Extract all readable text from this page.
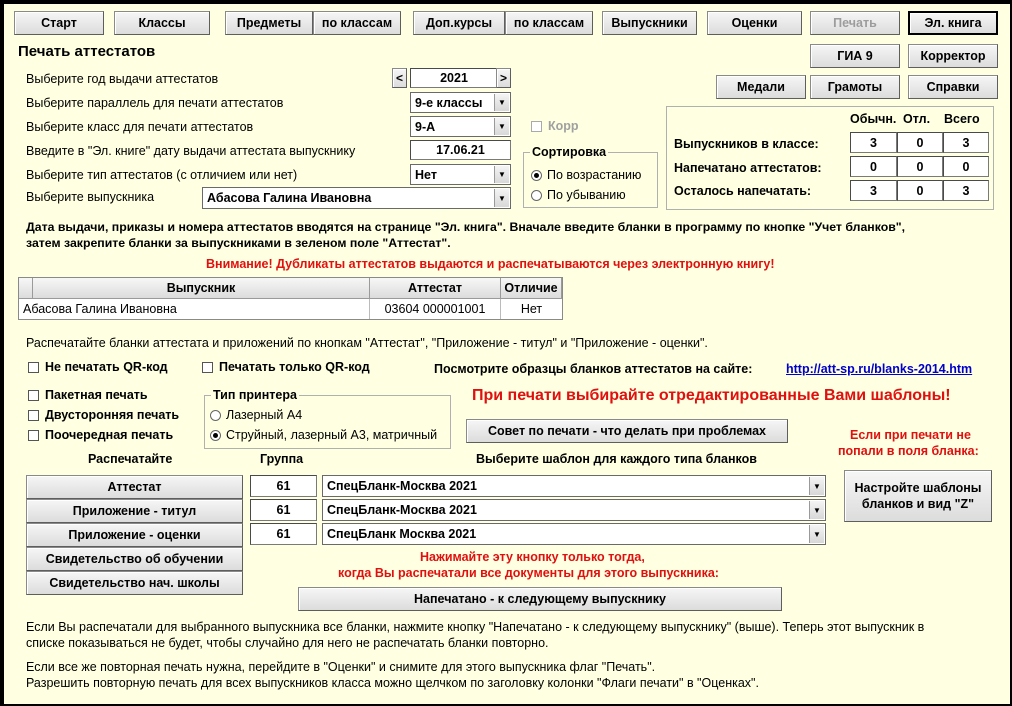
Старт	Классы	Предметы	по классам	Доп.курсы	по классам	Выпускники	Оценки	Печать	Эл. книга
Печать аттестатов	ГИА 9	Корректор
Медали	Грамоты	Справки
Выберите год выдачи аттестатов	<	2021	>
Выберите параллель для печати аттестатов	9-е классы	▼
Выберите класс для печати аттестатов	9-А	▼	Корр
Введите в "Эл. книге" дату выдачи аттестата выпускнику	17.06.21
Выберите тип аттестатов (с отличием или нет)	Нет	▼
Выберите выпускника	Абасова Галина Ивановна	▼
Сортировка
По возрастанию
По убыванию
Обычн. Отл. Всего
Выпускников в классе:	3	0	3
Напечатано аттестатов:	0	0	0
Осталось напечатать:	3	0	3
Дата выдачи, приказы и номера аттестатов вводятся на странице "Эл. книга". Вначале введите бланки в программу по кнопке "Учет бланков",
затем закрепите бланки за выпускниками в зеленом поле "Аттестат".
Внимание! Дубликаты аттестатов выдаются и распечатываются через электронную книгу!
Выпускник	Аттестат	Отличие
Абасова Галина Ивановна	03604 000001001	Нет
Распечатайте бланки аттестата и приложений по кнопкам "Аттестат", "Приложение - титул" и "Приложение - оценки".
Не печатать QR-код	Печатать только QR-код	Посмотрите образцы бланков аттестатов на сайте:	http://att-sp.ru/blanks-2014.htm
Пакетная печать
Двусторонняя печать
Поочередная печать
Тип принтера
Лазерный А4
Струйный, лазерный А3, матричный
При печати выбирайте отредактированные Вами шаблоны!
Совет по печати - что делать при проблемах	Если при печати не
попали в поля бланка:
Распечатайте	Группа	Выберите шаблон для каждого типа бланков
Аттестат	61	СпецБланк-Москва 2021	▼
Приложение - титул	61	СпецБланк-Москва 2021	▼
Приложение - оценки	61	СпецБланк Москва 2021	▼
Свидетельство об обучении
Свидетельство нач. школы
Настройте шаблоны бланков и вид "Z"
Нажимайте эту кнопку только тогда,
когда Вы распечатали все документы для этого выпускника:
Напечатано - к следующему выпускнику
Если Вы распечатали для выбранного выпускника все бланки, нажмите кнопку "Напечатано - к следующему выпускнику" (выше). Теперь этот выпускник в
списке показываться не будет, чтобы случайно для него не распечатать бланки повторно.
Если все же повторная печать нужна, перейдите в "Оценки" и снимите для этого выпускника флаг "Печать".
Разрешить повторную печать для всех выпускников класса можно щелчком по заголовку колонки "Флаги печати" в "Оценках".
